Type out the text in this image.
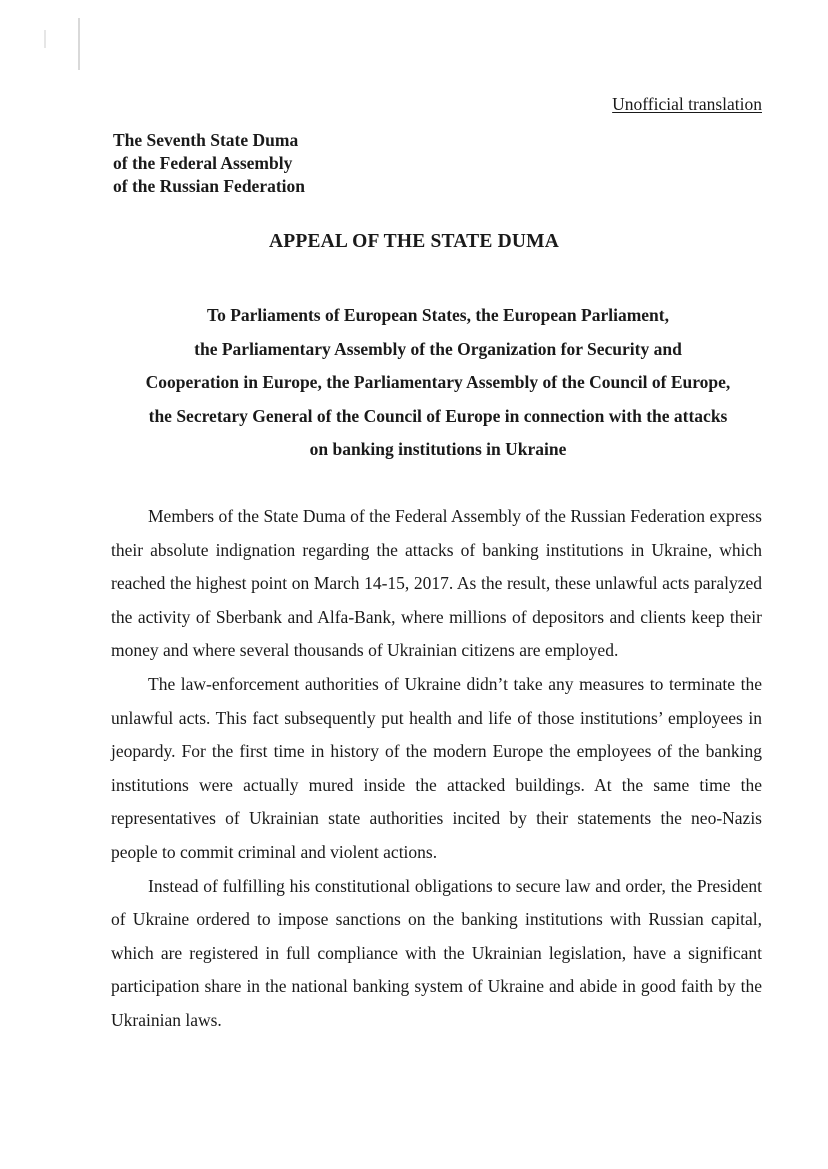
Unofficial translation
The Seventh State Duma
of the Federal Assembly
of the Russian Federation
APPEAL OF THE STATE DUMA
To Parliaments of European States, the European Parliament,
the Parliamentary Assembly of the Organization for Security and
Cooperation in Europe, the Parliamentary Assembly of the Council of Europe,
the Secretary General of the Council of Europe in connection with the attacks
on banking institutions in Ukraine

Members of the State Duma of the Federal Assembly of the Russian Federation express their absolute indignation regarding the attacks of banking institutions in Ukraine, which reached the highest point on March 14-15, 2017. As the result, these unlawful acts paralyzed the activity of Sberbank and Alfa-Bank, where millions of depositors and clients keep their money and where several thousands of Ukrainian citizens are employed.

The law-enforcement authorities of Ukraine didn’t take any measures to terminate the unlawful acts. This fact subsequently put health and life of those institutions’ employees in jeopardy. For the first time in history of the modern Europe the employees of the banking institutions were actually mured inside the attacked buildings. At the same time the representatives of Ukrainian state authorities incited by their statements the neo-Nazis people to commit criminal and violent actions.

Instead of fulfilling his constitutional obligations to secure law and order, the President of Ukraine ordered to impose sanctions on the banking institutions with Russian capital, which are registered in full compliance with the Ukrainian legislation, have a significant participation share in the national banking system of Ukraine and abide in good faith by the Ukrainian laws.
